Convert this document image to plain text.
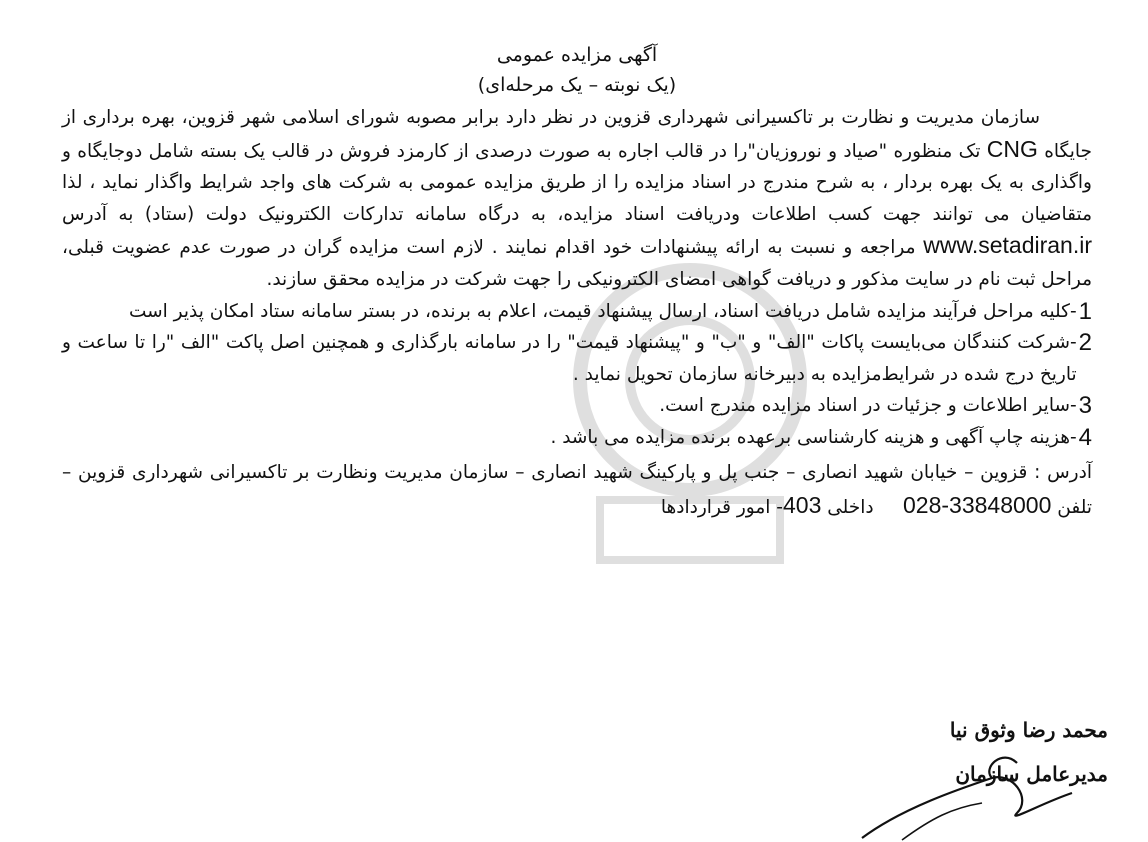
آگهی مزایده عمومی
(یک نوبته – یک مرحله‌ای)

سازمان مدیریت و نظارت بر تاکسیرانی شهرداری قزوین در نظر دارد برابر مصوبه شورای اسلامی شهر قزوین، بهره برداری از جایگاه CNG تک منظوره "صیاد و نوروزیان"را در قالب اجاره به صورت درصدی از کارمزد فروش در قالب یک بسته شامل دوجایگاه و واگذاری به یک بهره بردار ، به شرح مندرج در اسناد مزایده را از طریق مزایده عمومی به شرکت های واجد شرایط واگذار نماید ، لذا متقاضیان می توانند جهت کسب اطلاعات ودریافت اسناد مزایده، به درگاه سامانه تدارکات الکترونیک دولت (ستاد) به آدرس www.setadiran.ir مراجعه و نسبت به ارائه پیشنهادات خود اقدام نمایند . لازم است مزایده گران در صورت عدم عضویت قبلی، مراحل ثبت نام در سایت مذکور و دریافت گواهی امضای الکترونیکی را جهت شرکت در مزایده محقق سازند.

1
-کلیه مراحل فرآیند مزایده شامل دریافت اسناد، ارسال پیشنهاد قیمت، اعلام به برنده، در بستر سامانه ستاد امکان پذیر است
2
-شرکت کنندگان می‌بایست پاکات "الف" و "ب" و "پیشنهاد قیمت" را در سامانه بارگذاری و همچنین اصل پاکت "الف "را تا ساعت و تاریخ درج شده در شرایط‌مزایده به دبیرخانه سازمان تحویل نماید .
3
-سایر اطلاعات و جزئیات در اسناد مزایده مندرج است.
4
-هزینه چاپ آگهی و هزینه کارشناسی برعهده برنده مزایده می باشد .
آدرس : قزوین – خیابان شهید انصاری – جنب پل و پارکینگ شهید انصاری – سازمان مدیریت ونظارت بر تاکسیرانی شهرداری قزوین – تلفن 028-33848000     داخلی 403- امور قراردادها
محمد رضا وثوق نیا
مدیرعامل سازمان
